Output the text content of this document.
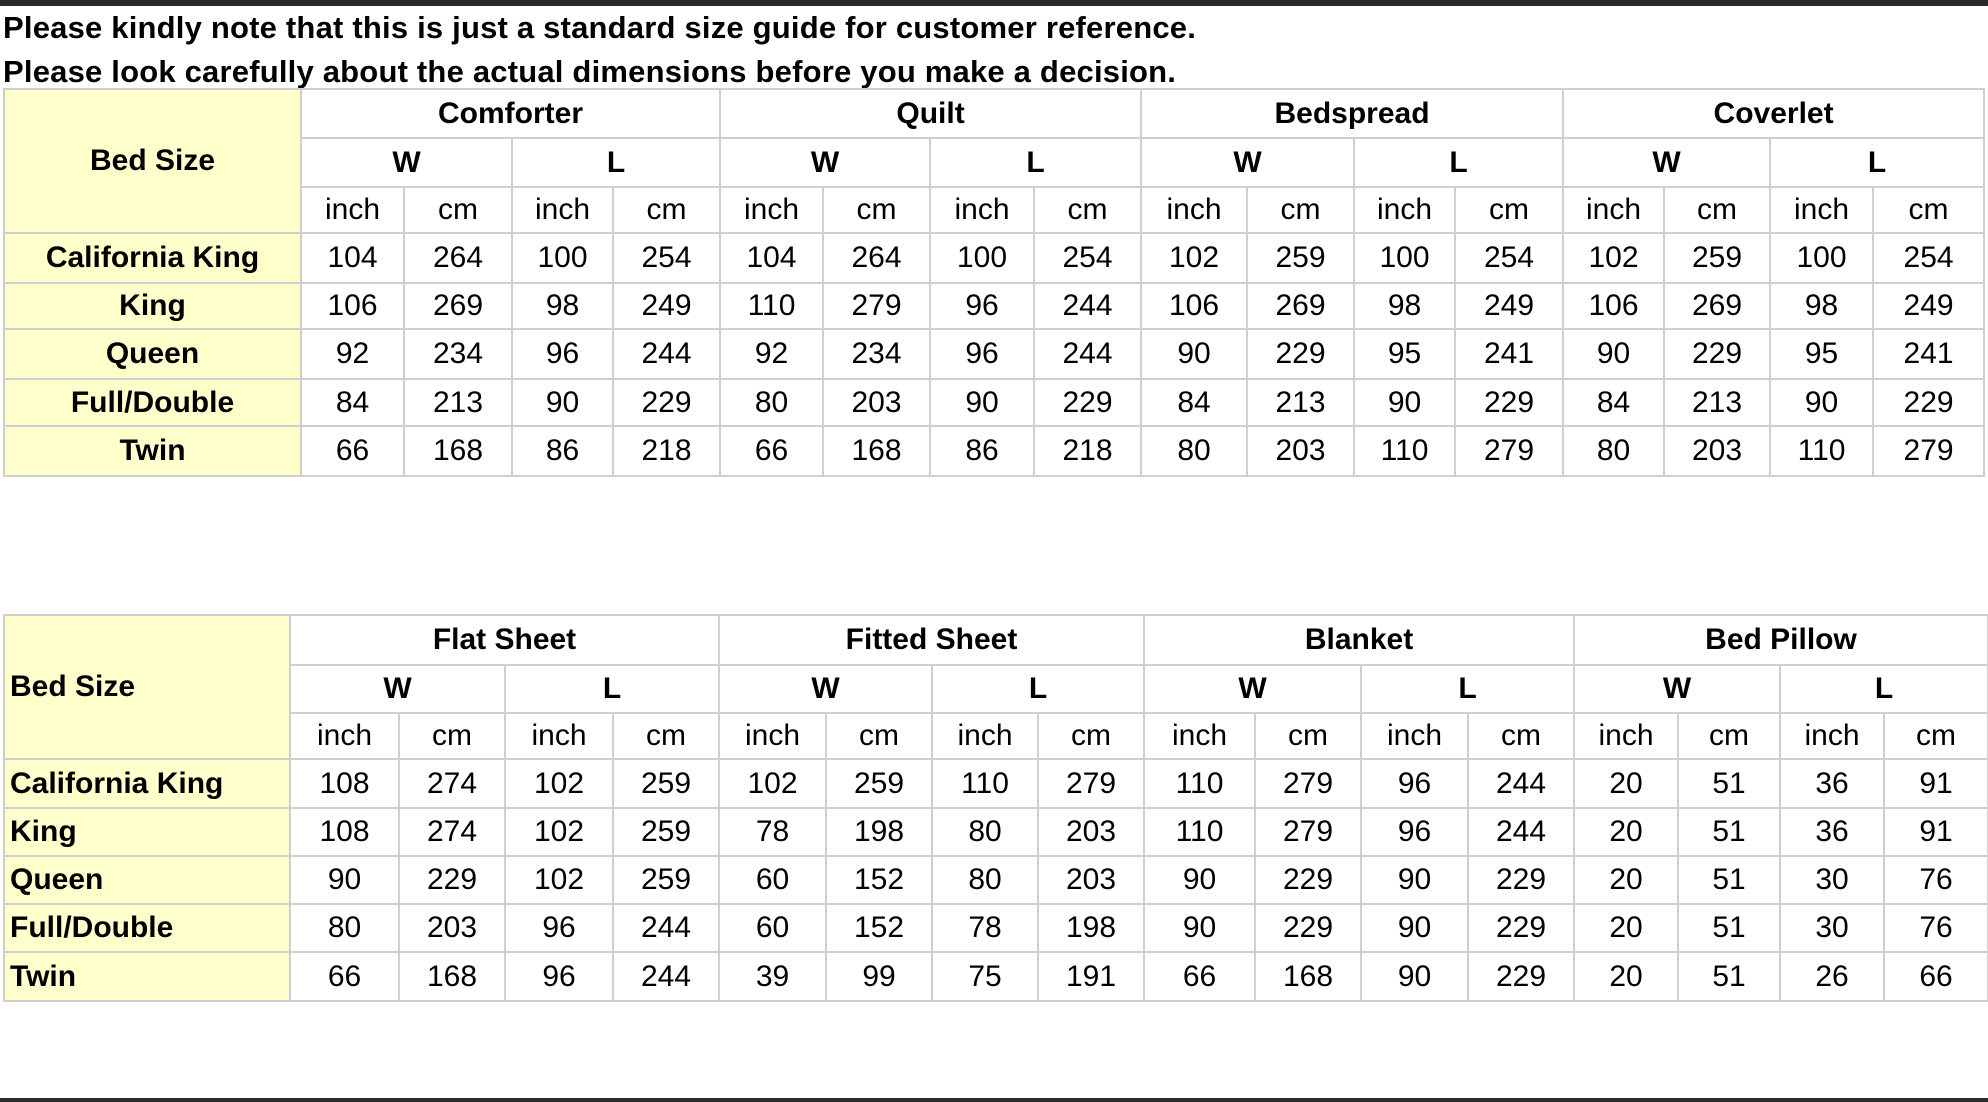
Please kindly note that this is just a standard size guide for customer reference.
Please look carefully about the actual dimensions before you make a decision.
Bed Size	Comforter				Quilt				Bedspread				Coverlet			
	W		L		W		L		W		L		W		L	
	inch	cm	inch	cm	inch	cm	inch	cm	inch	cm	inch	cm	inch	cm	inch	cm
California King	104	264	100	254	104	264	100	254	102	259	100	254	102	259	100	254
King	106	269	98	249	110	279	96	244	106	269	98	249	106	269	98	249
Queen	92	234	96	244	92	234	96	244	90	229	95	241	90	229	95	241
Full/Double	84	213	90	229	80	203	90	229	84	213	90	229	84	213	90	229
Twin	66	168	86	218	66	168	86	218	80	203	110	279	80	203	110	279
Bed Size	Flat Sheet				Fitted Sheet				Blanket				Bed Pillow			
	W		L		W		L		W		L		W		L	
	inch	cm	inch	cm	inch	cm	inch	cm	inch	cm	inch	cm	inch	cm	inch	cm
California King	108	274	102	259	102	259	110	279	110	279	96	244	20	51	36	91
King	108	274	102	259	78	198	80	203	110	279	96	244	20	51	36	91
Queen	90	229	102	259	60	152	80	203	90	229	90	229	20	51	30	76
Full/Double	80	203	96	244	60	152	78	198	90	229	90	229	20	51	30	76
Twin	66	168	96	244	39	99	75	191	66	168	90	229	20	51	26	66
